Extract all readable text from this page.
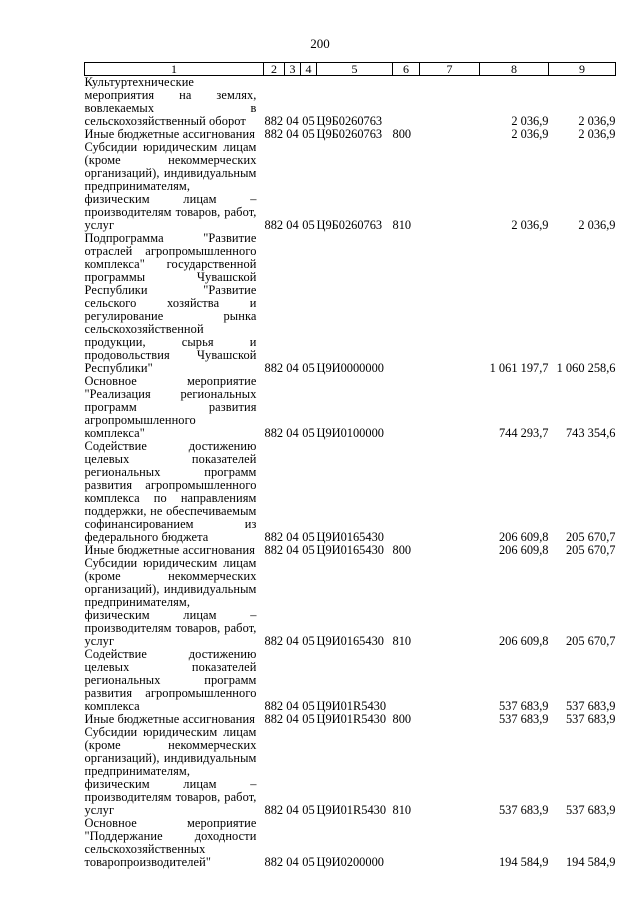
200
1	2	3	4	5	6	7	8	9
Культуртехнические мероприятия на землях, вовлекаемых в сельскохозяйственный оборот	882	04	05	Ц9Б0260763			2 036,9	2 036,9
Иные бюджетные ассигнования	882	04	05	Ц9Б0260763	800		2 036,9	2 036,9
Субсидии юридическим лицам (кроме некоммерческих организаций), индивидуальным предпринимателям, физическим лицам – производителям товаров, работ, услуг	882	04	05	Ц9Б0260763	810		2 036,9	2 036,9
Подпрограмма "Развитие отраслей агропромышленного комплекса" государственной программы Чувашской Республики "Развитие сельского хозяйства и регулирование рынка сельскохозяйственной продукции, сырья и продовольствия Чувашской Республики"	882	04	05	Ц9И0000000			1 061 197,7	1 060 258,6
Основное мероприятие "Реализация региональных программ развития агропромышленного комплекса"	882	04	05	Ц9И0100000			744 293,7	743 354,6
Содействие достижению целевых показателей региональных программ развития агропромышленного комплекса по направлениям поддержки, не обеспечиваемым софинансированием из федерального бюджета	882	04	05	Ц9И0165430			206 609,8	205 670,7
Иные бюджетные ассигнования	882	04	05	Ц9И0165430	800		206 609,8	205 670,7
Субсидии юридическим лицам (кроме некоммерческих организаций), индивидуальным предпринимателям, физическим лицам – производителям товаров, работ, услуг	882	04	05	Ц9И0165430	810		206 609,8	205 670,7
Содействие достижению целевых показателей региональных программ развития агропромышленного комплекса	882	04	05	Ц9И01R5430			537 683,9	537 683,9
Иные бюджетные ассигнования	882	04	05	Ц9И01R5430	800		537 683,9	537 683,9
Субсидии юридическим лицам (кроме некоммерческих организаций), индивидуальным предпринимателям, физическим лицам – производителям товаров, работ, услуг	882	04	05	Ц9И01R5430	810		537 683,9	537 683,9
Основное мероприятие "Поддержание доходности сельскохозяйственных товаропроизводителей"	882	04	05	Ц9И0200000			194 584,9	194 584,9
